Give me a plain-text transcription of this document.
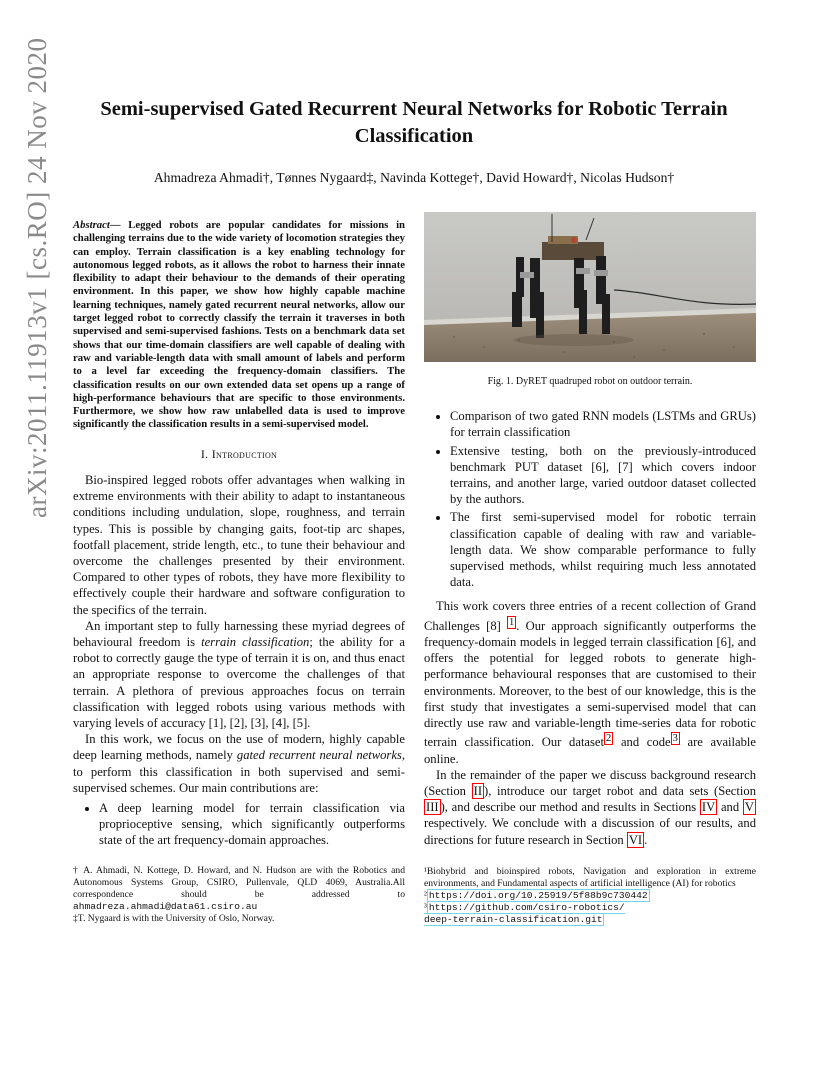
arXiv:2011.11913v1 [cs.RO] 24 Nov 2020	Semi-supervised Gated Recurrent Neural Networks for Robotic Terrain Classification
Ahmadreza Ahmadi†, Tønnes Nygaard‡, Navinda Kottege†, David Howard†, Nicolas Hudson†
Abstract— Legged robots are popular candidates for missions in challenging terrains due to the wide variety of locomotion strategies they can employ. Terrain classification is a key enabling technology for autonomous legged robots, as it allows the robot to harness their innate flexibility to adapt their behaviour to the demands of their operating environment. In this paper, we show how highly capable machine learning techniques, namely gated recurrent neural networks, allow our target legged robot to correctly classify the terrain it traverses in both supervised and semi-supervised fashions. Tests on a benchmark data set shows that our time-domain classifiers are well capable of dealing with raw and variable-length data with small amount of labels and perform to a level far exceeding the frequency-domain classifiers. The classification results on our own extended data set opens up a range of high-performance behaviours that are specific to those environments. Furthermore, we show how raw unlabelled data is used to improve significantly the classification results in a semi-supervised model.
I. Introduction

Bio-inspired legged robots offer advantages when walking in extreme environments with their ability to adapt to instantaneous conditions including undulation, slope, roughness, and terrain types. This is possible by changing gaits, foot-tip arc shapes, footfall placement, stride length, etc., to tune their behaviour and overcome the challenges presented by their environment. Compared to other types of robots, they have more flexibility to effectively couple their hardware and software configuration to the specifics of the terrain.

An important step to fully harnessing these myriad degrees of behavioural freedom is terrain classification; the ability for a robot to correctly gauge the type of terrain it is on, and thus enact an appropriate response to overcome the challenges of that terrain. A plethora of previous approaches focus on terrain classification with legged robots using various methods with varying levels of accuracy [1], [2], [3], [4], [5].

In this work, we focus on the use of modern, highly capable deep learning methods, namely gated recurrent neural networks, to perform this classification in both supervised and semi-supervised schemes. Our main contributions are:

• A deep learning model for terrain classification via proprioceptive sensing, which significantly outperforms state of the art frequency-domain approaches.
† A. Ahmadi, N. Kottege, D. Howard, and N. Hudson are with the Robotics and Autonomous Systems Group, CSIRO, Pullenvale, QLD 4069, Australia.All correspondence should be addressed to ahmadreza.ahmadi@data61.csiro.au
‡T. Nygaard is with the University of Oslo, Norway.
Fig. 1. DyRET quadruped robot on outdoor terrain.
• Comparison of two gated RNN models (LSTMs and GRUs) for terrain classification
• Extensive testing, both on the previously-introduced benchmark PUT dataset [6], [7] which covers indoor terrains, and another large, varied outdoor dataset collected by the authors.
• The first semi-supervised model for robotic terrain classification capable of dealing with raw and variable-length data. We show comparable performance to fully supervised methods, whilst requiring much less annotated data.

This work covers three entries of a recent collection of Grand Challenges [8] $^1$ . Our approach significantly outperforms the frequency-domain models in legged terrain classification [6], and offers the potential for legged robots to generate high-performance behavioural responses that are customised to their environments. Moreover, to the best of our knowledge, this is the first study that investigates a semi-supervised model that can directly use raw and variable-length time-series data for robotic terrain classification. Our dataset $^2$ and code $^3$ are available online.

In the remainder of the paper we discuss background research (Section II ), introduce our target robot and data sets (Section III ), and describe our method and results in Sections IV and V respectively. We conclude with a discussion of our results, and directions for future research in Section VI .

¹Biohybrid and bioinspired robots, Navigation and exploration in extreme environments, and Fundamental aspects of artificial intelligence (AI) for robotics
² https://doi.org/10.25919/5f88b9c730442
³ https://github.com/csiro-robotics/
deep-terrain-classification.git
